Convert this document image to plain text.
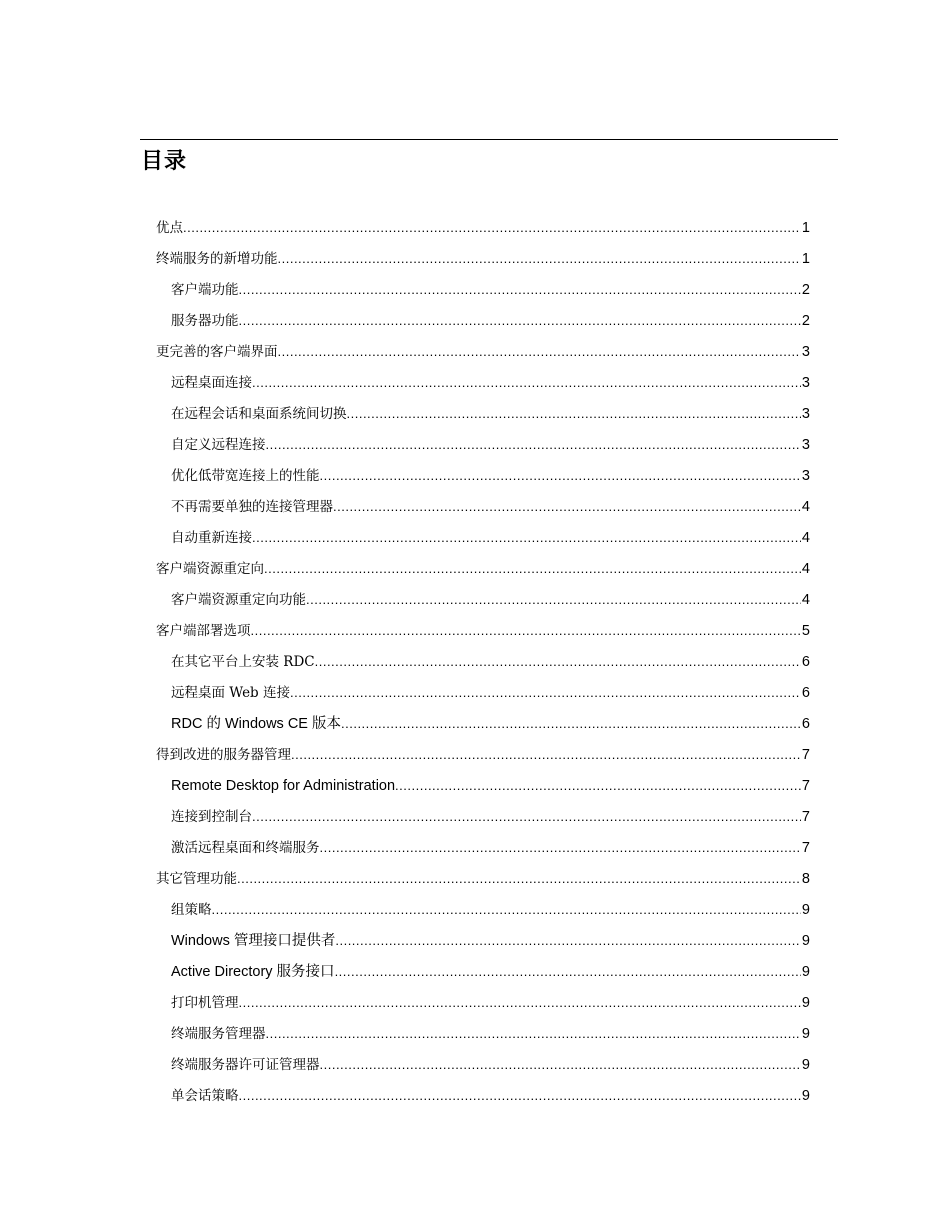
目录
优点 .....	1
终端服务的新增功能 .....	1
客户端功能 .....	2
服务器功能 .....	2
更完善的客户端界面 .....	3
远程桌面连接 .....	3
在远程会话和桌面系统间切换 .....	3
自定义远程连接 .....	3
优化低带宽连接上的性能 .....	3
不再需要单独的连接管理器 .....	4
自动重新连接 .....	4
客户端资源重定向 .....	4
客户端资源重定向功能 .....	4
客户端部署选项 .....	5
在其它平台上安装 RDC .....	6
远程桌面 Web 连接 .....	6
RDC 的 Windows CE 版本 .....	6
得到改进的服务器管理 .....	7
Remote Desktop for Administration .....	7
连接到控制台 .....	7
激活远程桌面和终端服务 .....	7
其它管理功能 .....	8
组策略 .....	9
Windows 管理接口提供者 .....	9
Active Directory 服务接口 .....	9
打印机管理 .....	9
终端服务管理器 .....	9
终端服务器许可证管理器 .....	9
单会话策略 .....	9
